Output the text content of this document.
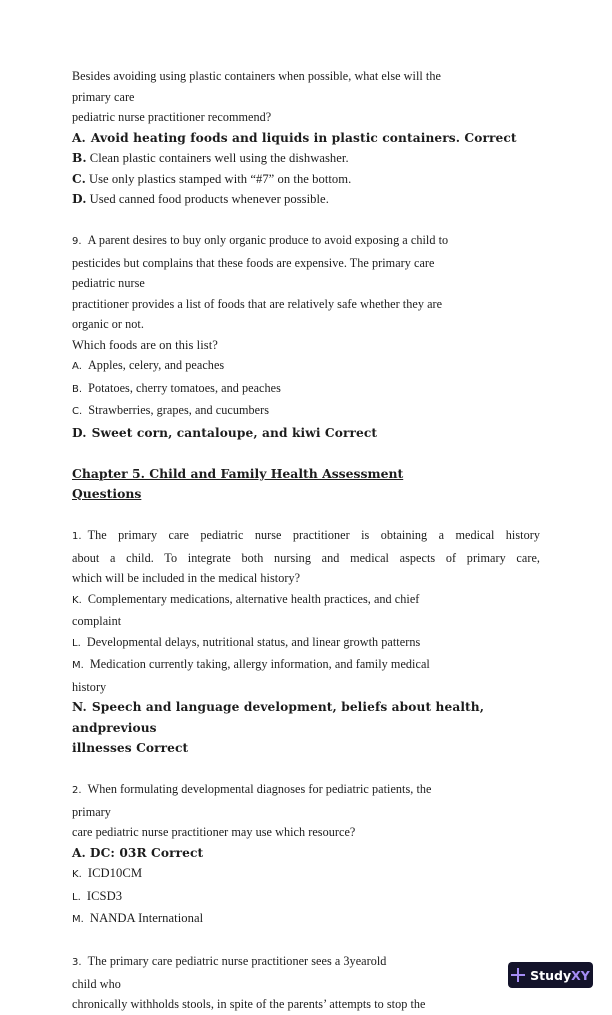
Besides avoiding using plastic containers when possible, what else will the
primary care
pediatric nurse practitioner recommend?
A. Avoid heating foods and liquids in plastic containers. Correct
B. Clean plastic containers well using the dishwasher.
C. Use only plastics stamped with “#7” on the bottom.
D. Used canned food products whenever possible.
9. A parent desires to buy only organic produce to avoid exposing a child to
pesticides but complains that these foods are expensive. The primary care
pediatric nurse
practitioner provides a list of foods that are relatively safe whether they are
organic or not.
Which foods are on this list?
A. Apples, celery, and peaches
B. Potatoes, cherry tomatoes, and peaches
C. Strawberries, grapes, and cucumbers
D. Sweet corn, cantaloupe, and kiwi Correct
Chapter 5. Child and Family Health Assessment
Questions
1. The primary care pediatric nurse practitioner is obtaining a medical history
about a child. To integrate both nursing and medical aspects of primary care,
which will be included in the medical history?
K. Complementary medications, alternative health practices, and chief
complaint
L. Developmental delays, nutritional status, and linear growth patterns
M. Medication currently taking, allergy information, and family medical
history
N. Speech and language development, beliefs about health,
andprevious
illnesses Correct
2. When formulating developmental diagnoses for pediatric patients, the
primary
care pediatric nurse practitioner may use which resource?
A. DC: 03R Correct
K. ICD10CM
L. ICSD3
M. NANDA International
3. The primary care pediatric nurse practitioner sees a 3yearold
child who
chronically withholds stools, in spite of the parents’ attempts to stop the
Study XY
